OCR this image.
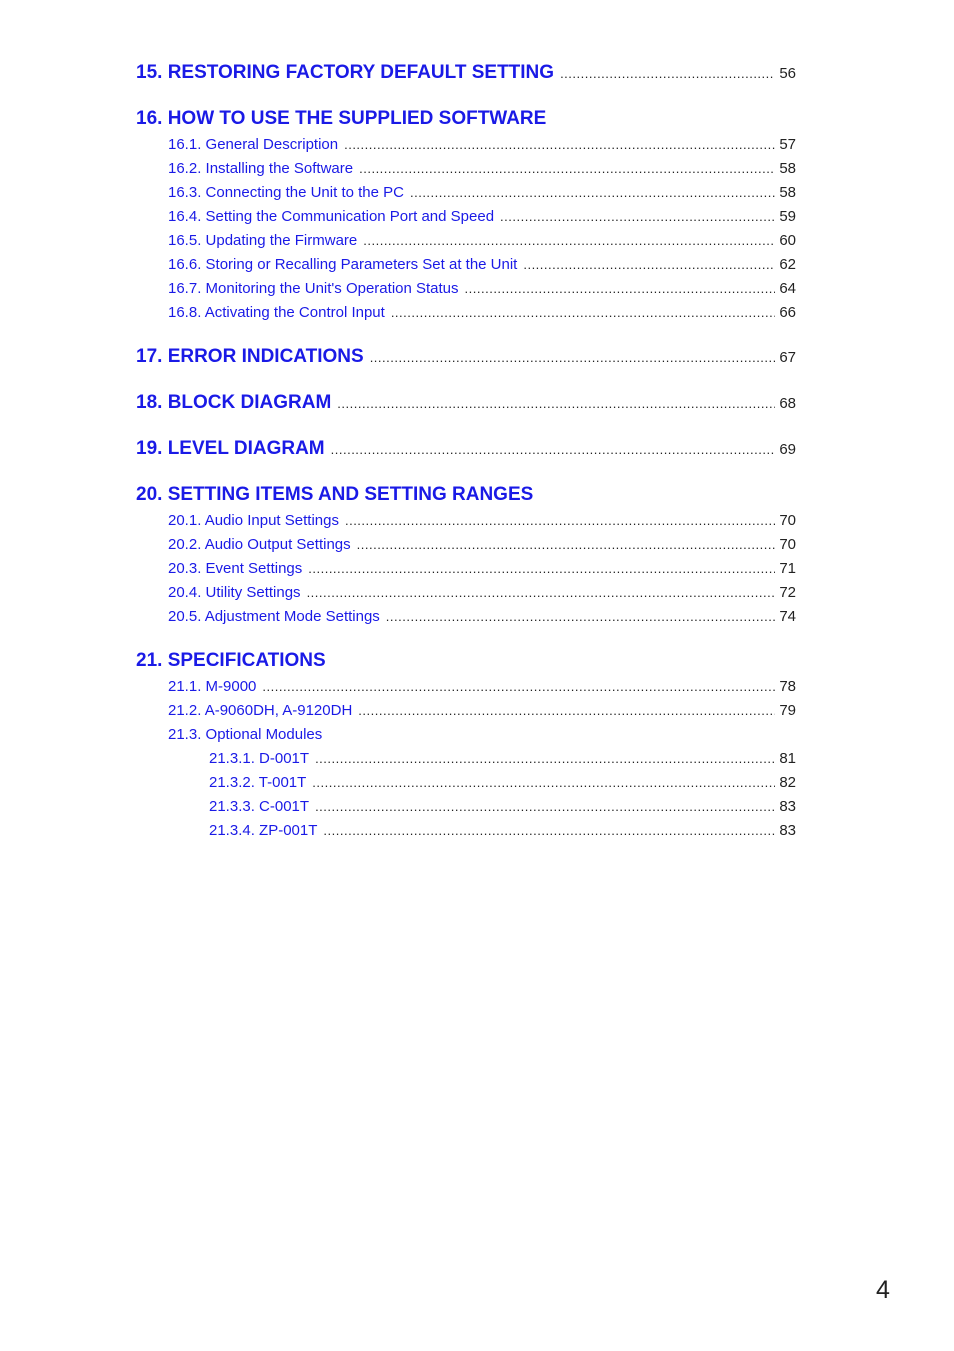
15. RESTORING FACTORY DEFAULT SETTING .....	56
16. HOW TO USE THE SUPPLIED SOFTWARE
16.1. General Description .....	57
16.2. Installing the Software .....	58
16.3. Connecting the Unit to the PC .....	58
16.4. Setting the Communication Port and Speed .....	59
16.5. Updating the Firmware .....	60
16.6. Storing or Recalling Parameters Set at the Unit .....	62
16.7. Monitoring the Unit's Operation Status .....	64
16.8. Activating the Control Input .....	66
17. ERROR INDICATIONS .....	67
18. BLOCK DIAGRAM .....	68
19. LEVEL DIAGRAM .....	69
20. SETTING ITEMS AND SETTING RANGES
20.1. Audio Input Settings .....	70
20.2. Audio Output Settings .....	70
20.3. Event Settings .....	71
20.4. Utility Settings .....	72
20.5. Adjustment Mode Settings .....	74
21. SPECIFICATIONS
21.1. M-9000 .....	78
21.2. A-9060DH, A-9120DH .....	79
21.3. Optional Modules
21.3.1. D-001T .....	81
21.3.2. T-001T .....	82
21.3.3. C-001T .....	83
21.3.4. ZP-001T .....	83
4
